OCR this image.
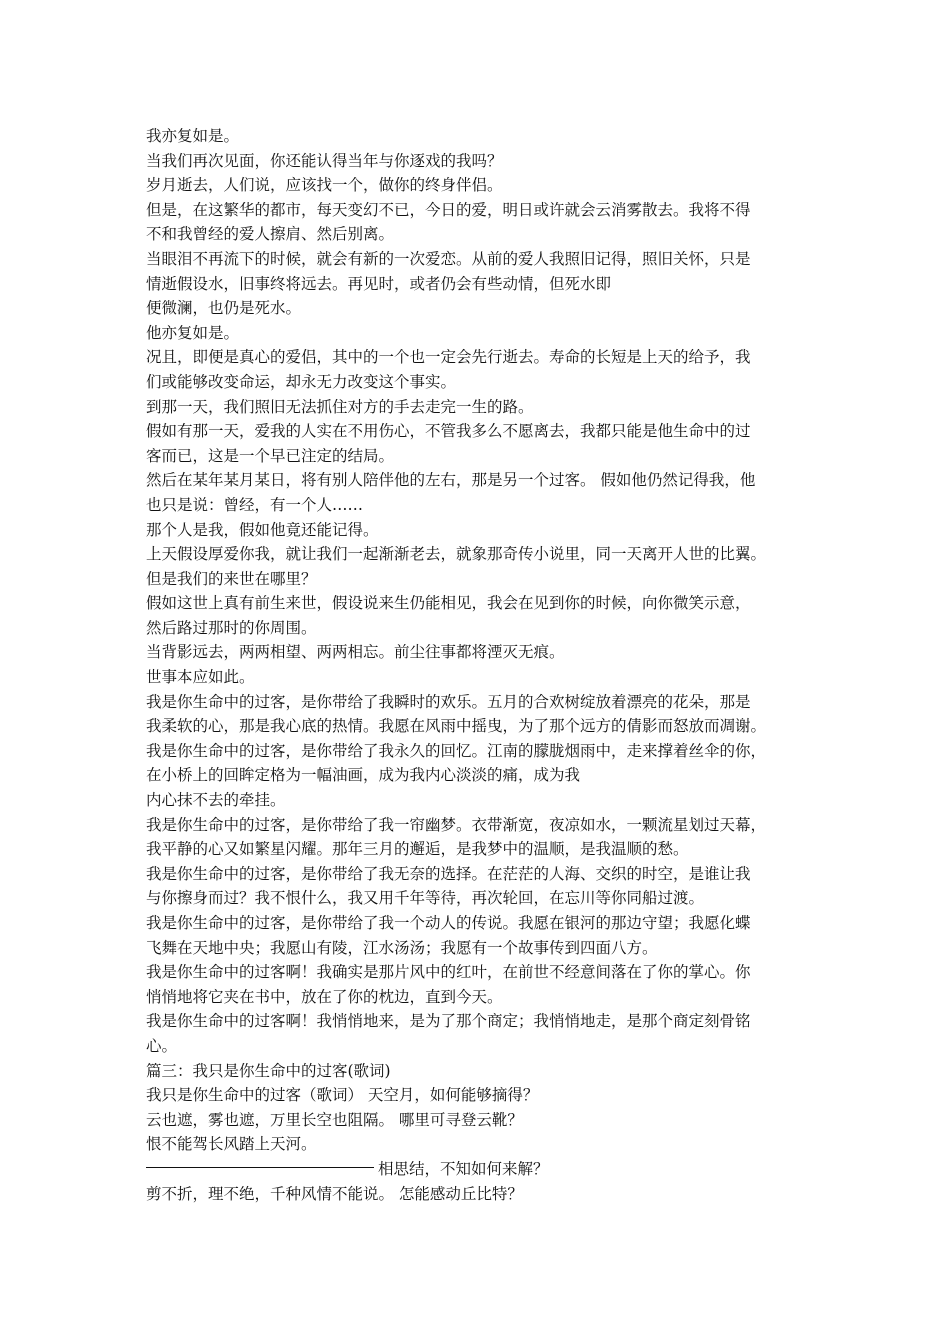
我亦复如是。
当我们再次见面，你还能认得当年与你逐戏的我吗？
岁月逝去，人们说，应该找一个，做你的终身伴侣。
但是，在这繁华的都市，每天变幻不已，今日的爱，明日或许就会云消雾散去。我将不得
不和我曾经的爱人擦肩、然后别离。
当眼泪不再流下的时候，就会有新的一次爱恋。从前的爱人我照旧记得，照旧关怀，只是
情逝假设水，旧事终将远去。再见时，或者仍会有些动情，但死水即
便微澜，也仍是死水。
他亦复如是。
况且，即便是真心的爱侣，其中的一个也一定会先行逝去。寿命的长短是上天的给予，我
们或能够改变命运，却永无力改变这个事实。
到那一天，我们照旧无法抓住对方的手去走完一生的路。
假如有那一天，爱我的人实在不用伤心，不管我多么不愿离去，我都只能是他生命中的过
客而已，这是一个早已注定的结局。
然后在某年某月某日，将有别人陪伴他的左右，那是另一个过客。 假如他仍然记得我，他
也只是说：曾经，有一个人……
那个人是我，假如他竟还能记得。
上天假设厚爱你我，就让我们一起渐渐老去，就象那奇传小说里，同一天离开人世的比翼。
但是我们的来世在哪里？
假如这世上真有前生来世，假设说来生仍能相见，我会在见到你的时候，向你微笑示意，
然后路过那时的你周围。
当背影远去，两两相望、两两相忘。前尘往事都将湮灭无痕。
世事本应如此。
我是你生命中的过客，是你带给了我瞬时的欢乐。五月的合欢树绽放着漂亮的花朵，那是
我柔软的心，那是我心底的热情。我愿在风雨中摇曳，为了那个远方的倩影而怒放而凋谢。
我是你生命中的过客，是你带给了我永久的回忆。江南的朦胧烟雨中，走来撑着丝伞的你，
在小桥上的回眸定格为一幅油画，成为我内心淡淡的痛，成为我
内心抹不去的牵挂。
我是你生命中的过客，是你带给了我一帘幽梦。衣带渐宽，夜凉如水，一颗流星划过天幕，
我平静的心又如繁星闪耀。那年三月的邂逅，是我梦中的温顺，是我温顺的愁。
我是你生命中的过客，是你带给了我无奈的选择。在茫茫的人海、交织的时空，是谁让我
与你擦身而过？我不恨什么，我又用千年等待，再次轮回，在忘川等你同船过渡。
我是你生命中的过客，是你带给了我一个动人的传说。我愿在银河的那边守望；我愿化蝶
飞舞在天地中央；我愿山有陵，江水汤汤；我愿有一个故事传到四面八方。
我是你生命中的过客啊！我确实是那片风中的红叶，在前世不经意间落在了你的掌心。你
悄悄地将它夹在书中，放在了你的枕边，直到今天。
我是你生命中的过客啊！我悄悄地来，是为了那个商定；我悄悄地走，是那个商定刻骨铭
心。
篇三：我只是你生命中的过客(歌词)
我只是你生命中的过客（歌词） 天空月，如何能够摘得？
云也遮，雾也遮，万里长空也阻隔。 哪里可寻登云靴？
恨不能驾长风踏上天河。
相思结，不知如何来解？
剪不折，理不绝，千种风情不能说。 怎能感动丘比特？
